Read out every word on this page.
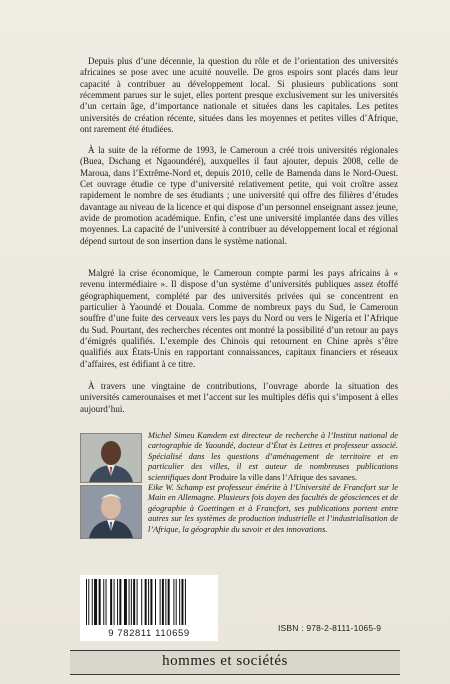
Depuis plus d’une décennie, la question du rôle et de l’orientation des universités africaines se pose avec une acuité nouvelle. De gros espoirs sont placés dans leur capacité à contribuer au développement local. Si plusieurs publications sont récemment parues sur le sujet, elles portent presque exclusivement sur les universités d’un certain âge, d’importance nationale et situées dans les capitales. Les petites universités de création récente, situées dans les moyennes et petites villes d’Afrique, ont rarement été étudiées.

À la suite de la réforme de 1993, le Cameroun a créé trois universités régionales (Buea, Dschang et Ngaoundéré), auxquelles il faut ajouter, depuis 2008, celle de Maroua, dans l’Extrême-Nord et, depuis 2010, celle de Bamenda dans le Nord-Ouest. Cet ouvrage étudie ce type d’université relativement petite, qui voit croître assez rapidement le nombre de ses étudiants ; une université qui offre des filières d’études davantage au niveau de la licence et qui dispose d’un personnel enseignant assez jeune, avide de promotion académique. Enfin, c’est une université implantée dans des villes moyennes. La capacité de l’université à contribuer au développement local et régional dépend surtout de son insertion dans le système national.

Malgré la crise économique, le Cameroun compte parmi les pays africains à « revenu intermédiaire ». Il dispose d’un système d’universités publiques assez étoffé géographiquement, complété par des universités privées qui se concentrent en particulier à Yaoundé et Douala. Comme de nombreux pays du Sud, le Cameroun souffre d’une fuite des cerveaux vers les pays du Nord ou vers le Nigeria et l’Afrique du Sud. Pourtant, des recherches récentes ont montré la possibilité d’un retour au pays d’émigrés qualifiés. L’exemple des Chinois qui retournent en Chine après s’être qualifiés aux États-Unis en rapportant connaissances, capitaux financiers et réseaux d’affaires, est édifiant à ce titre.

À travers une vingtaine de contributions, l’ouvrage aborde la situation des universités camerounaises et met l’accent sur les multiples défis qui s’imposent à elles aujourd’hui.

Michel Simeu Kamdem est directeur de recherche à l’Institut national de cartographie de Yaoundé, docteur d’État ès Lettres et professeur associé. Spécialisé dans les questions d’aménagement de territoire et en particulier des villes, il est auteur de nombreuses publications scientifiques dont Produire la ville dans l’Afrique des savanes.

Eike W. Schamp est professeur émérite à l’Université de Francfort sur le Main en Allemagne. Plusieurs fois doyen des facultés de géosciences et de géographie à Goettingen et à Francfort, ses publications portent entre autres sur les systèmes de production industrielle et l’industrialisation de l’Afrique, la géographie du savoir et des innovations.

9 782811 110659	ISBN : 978-2-8111-1065-9
hommes et sociétés
